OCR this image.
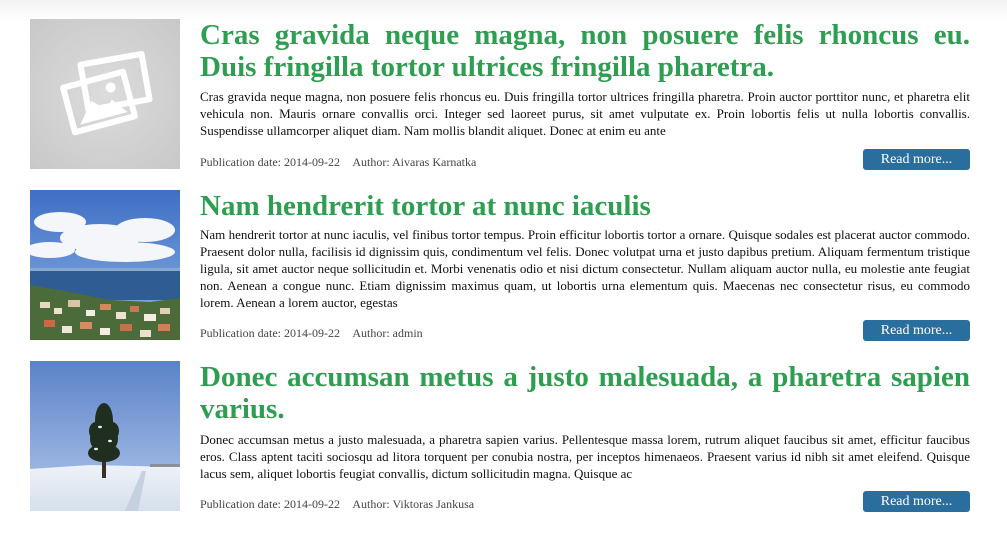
Cras gravida neque magna, non posuere felis rhoncus eu. Duis fringilla tortor ultrices fringilla pharetra.

Cras gravida neque magna, non posuere felis rhoncus eu. Duis fringilla tortor ultrices fringilla pharetra. Proin auctor porttitor nunc, et pharetra elit vehicula non. Mauris ornare convallis orci. Integer sed laoreet purus, sit amet vulputate ex. Proin lobortis felis ut nulla lobortis convallis. Suspendisse ullamcorper aliquet diam. Nam mollis blandit aliquet. Donec at enim eu ante

Publication date: 2014-09-22 Author: Aivaras Karnatka	Read more...
Nam hendrerit tortor at nunc iaculis

Nam hendrerit tortor at nunc iaculis, vel finibus tortor tempus. Proin efficitur lobortis tortor a ornare. Quisque sodales est placerat auctor commodo. Praesent dolor nulla, facilisis id dignissim quis, condimentum vel felis. Donec volutpat urna et justo dapibus pretium. Aliquam fermentum tristique ligula, sit amet auctor neque sollicitudin et. Morbi venenatis odio et nisi dictum consectetur. Nullam aliquam auctor nulla, eu molestie ante feugiat non. Aenean a congue nunc. Etiam dignissim maximus quam, ut lobortis urna elementum quis. Maecenas nec consectetur risus, eu commodo lorem. Aenean a lorem auctor, egestas

Publication date: 2014-09-22 Author: admin	Read more...
Donec accumsan metus a justo malesuada, a pharetra sapien varius.

Donec accumsan metus a justo malesuada, a pharetra sapien varius. Pellentesque massa lorem, rutrum aliquet faucibus sit amet, efficitur faucibus eros. Class aptent taciti sociosqu ad litora torquent per conubia nostra, per inceptos himenaeos. Praesent varius id nibh sit amet eleifend. Quisque lacus sem, aliquet lobortis feugiat convallis, dictum sollicitudin magna. Quisque ac

Publication date: 2014-09-22 Author: Viktoras Jankusa	Read more...
